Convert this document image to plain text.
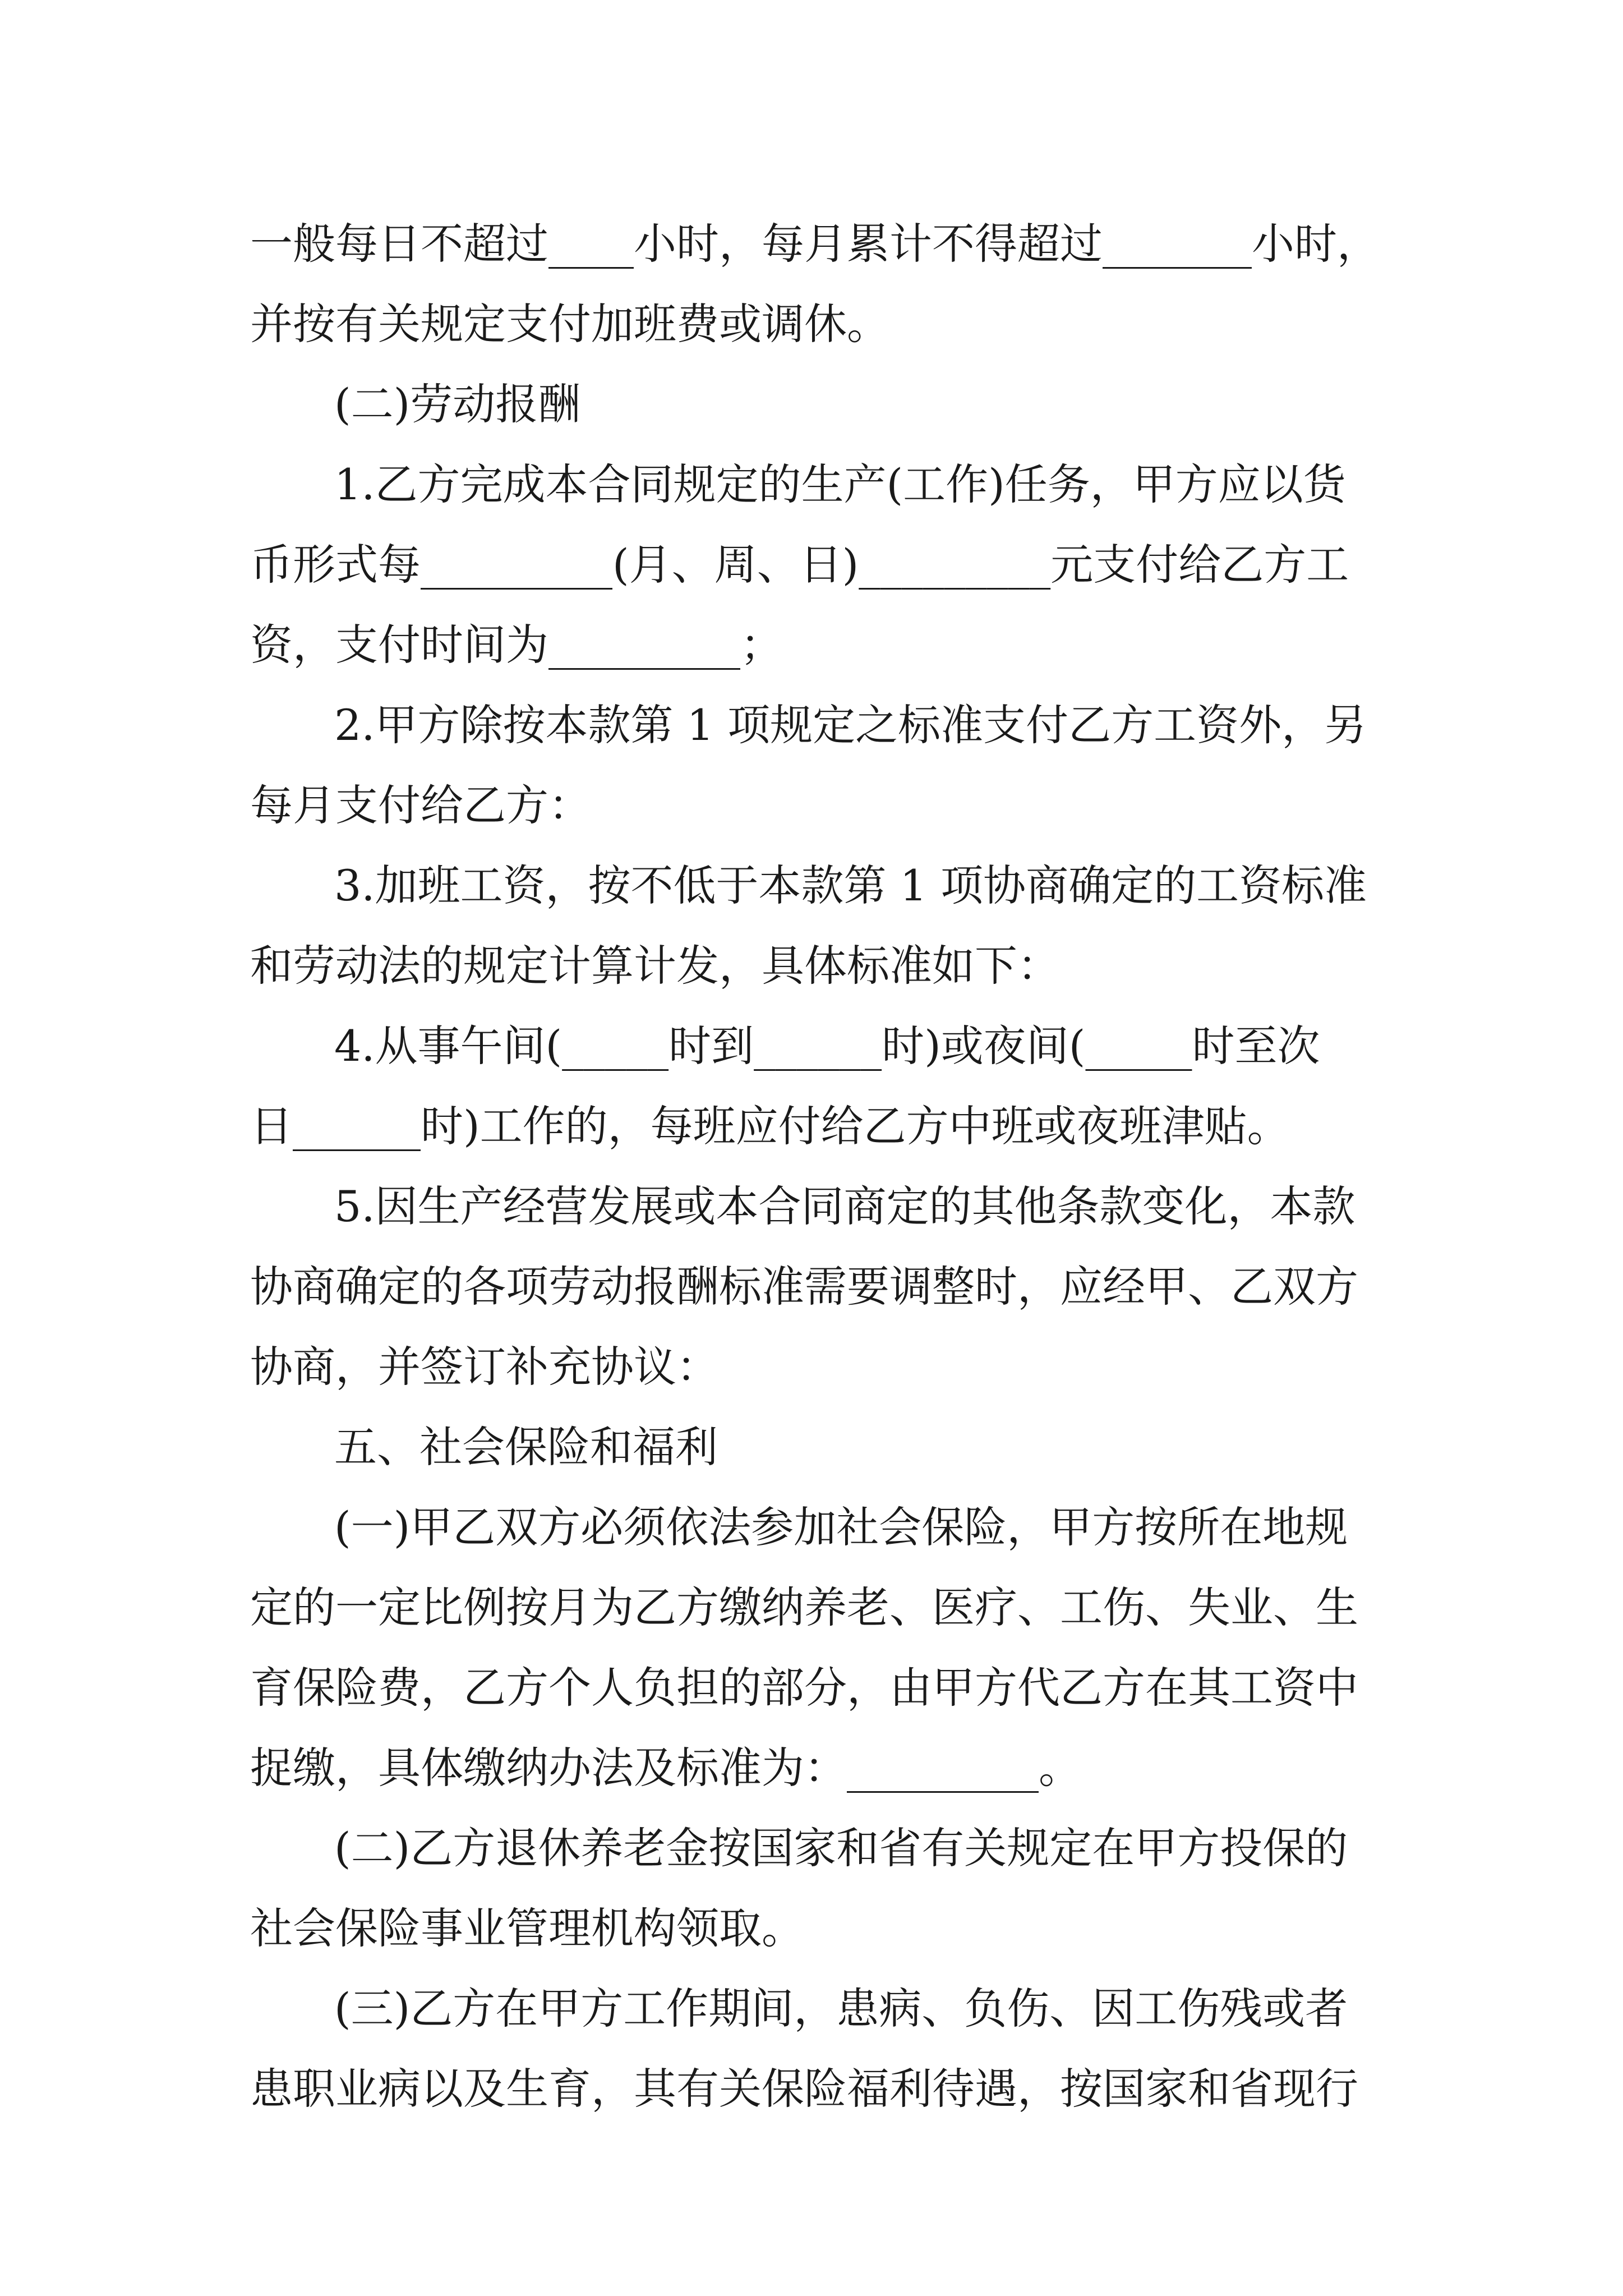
一般每日不超过____小时，每月累计不得超过_______小时，
并按有关规定支付加班费或调休。
(二)劳动报酬
1.乙方完成本合同规定的生产(工作)任务，甲方应以货
币形式每_________(月、周、日)_________元支付给乙方工
资，支付时间为_________；
2.甲方除按本款第 1 项规定之标准支付乙方工资外，另
每月支付给乙方：
3.加班工资，按不低于本款第 1 项协商确定的工资标准
和劳动法的规定计算计发，具体标准如下：
4.从事午间(_____时到______时)或夜间(_____时至次
日______时)工作的，每班应付给乙方中班或夜班津贴。
5.因生产经营发展或本合同商定的其他条款变化，本款
协商确定的各项劳动报酬标准需要调整时，应经甲、乙双方
协商，并签订补充协议：
五、社会保险和福利
(一)甲乙双方必须依法参加社会保险，甲方按所在地规
定的一定比例按月为乙方缴纳养老、医疗、工伤、失业、生
育保险费，乙方个人负担的部分，由甲方代乙方在其工资中
捉缴，具体缴纳办法及标准为：_________。
(二)乙方退休养老金按国家和省有关规定在甲方投保的
社会保险事业管理机构领取。
(三)乙方在甲方工作期间，患病、负伤、因工伤残或者
患职业病以及生育，其有关保险福利待遇，按国家和省现行
